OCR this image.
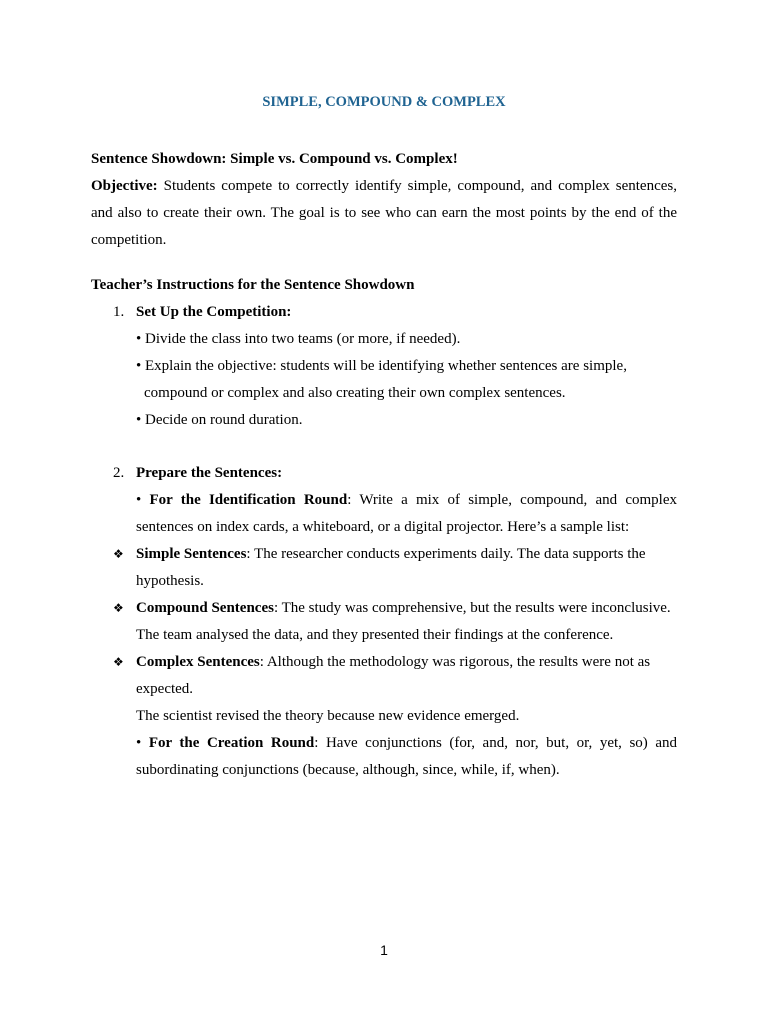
SIMPLE, COMPOUND & COMPLEX

Sentence Showdown: Simple vs. Compound vs. Complex!

Objective: Students compete to correctly identify simple, compound, and complex sentences, and also to create their own. The goal is to see who can earn the most points by the end of the competition.

Teacher’s Instructions for the Sentence Showdown

1. Set Up the Competition:

• Divide the class into two teams (or more, if needed).

• Explain the objective: students will be identifying whether sentences are simple,

compound or complex and also creating their own complex sentences.

• Decide on round duration.

2. Prepare the Sentences:

• For the Identification Round: Write a mix of simple, compound, and complex sentences on index cards, a whiteboard, or a digital projector. Here’s a sample list:

❖ Simple Sentences: The researcher conducts experiments daily. The data supports the hypothesis.

❖ Compound Sentences: The study was comprehensive, but the results were inconclusive. The team analysed the data, and they presented their findings at the conference.

❖ Complex Sentences: Although the methodology was rigorous, the results were not as expected.

The scientist revised the theory because new evidence emerged.

• For the Creation Round: Have conjunctions (for, and, nor, but, or, yet, so) and subordinating conjunctions (because, although, since, while, if, when).

1
